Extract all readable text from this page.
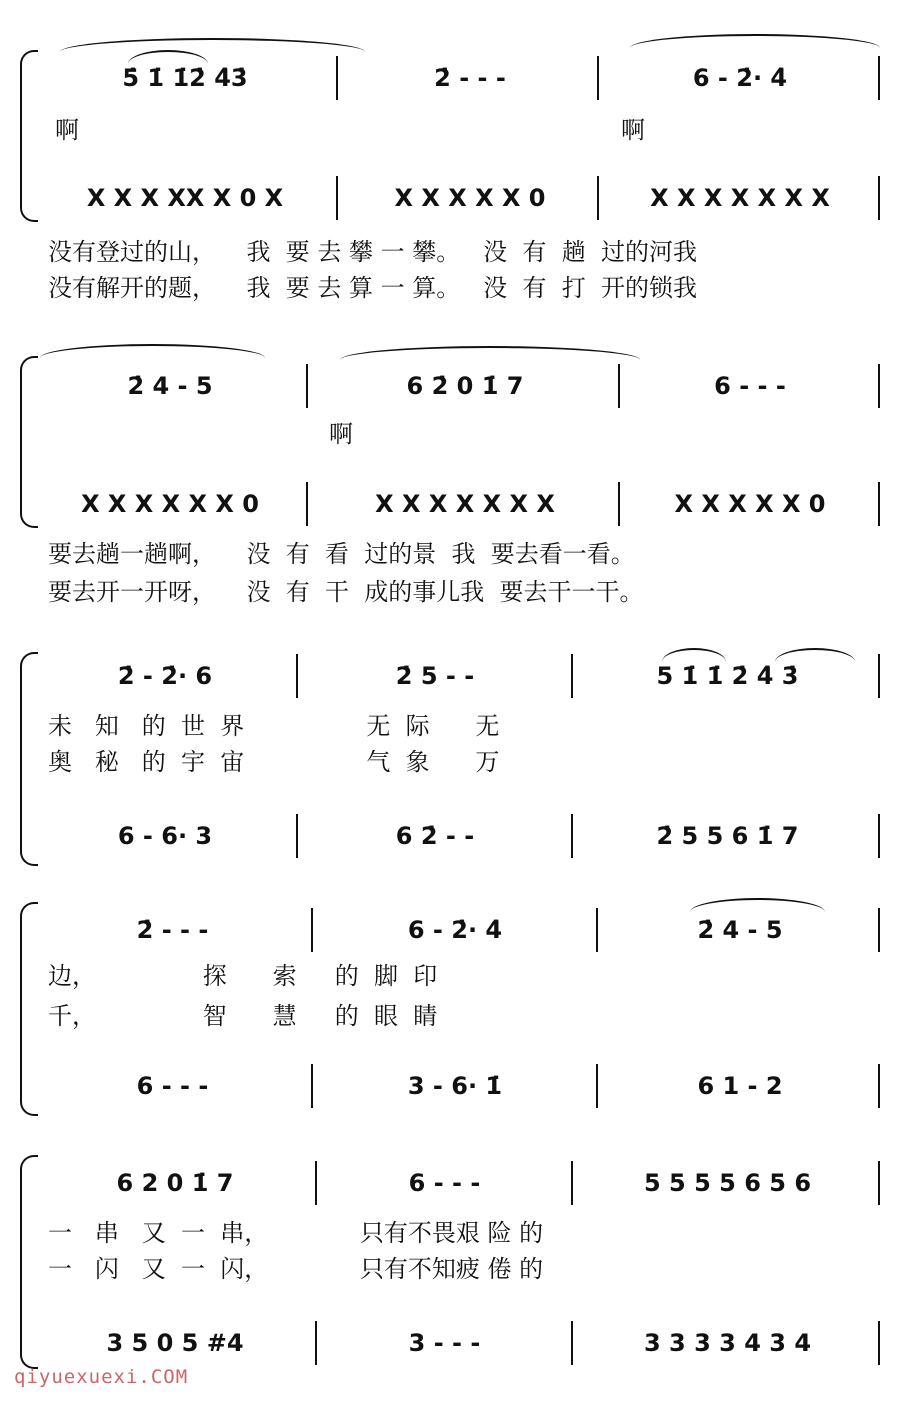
5̇ 1̇ 1̇2̇ 4̇3̇	2̇ - - -	6 - 2̇· 4̇
啊	啊
X X X XX X 0 X	X X X X X 0	X X X X X X X
没有登过的山，    我  要 去 攀 一 攀。   没  有  趟  过的河我
没有解开的题，    我  要 去 算 一 算。   没  有  打  开的锁我
2̇ 4 - 5	6 2̇ 0 1̇ 7	6 - - -
啊
X X X X X X 0	X X X X X X X	X X X X X 0
要去趟一趟啊，    没  有  看  过的景  我  要去看一看。
要去开一开呀，    没  有  干  成的事儿我  要去干一干。
2̇ - 2̇· 6	2̇ 5 - -	5 1̇ 1̇ 2̇ 4̇ 3̇
未   知   的  世  界                无  际      无
奥   秘   的  宇  宙                气  象      万
6 - 6· 3	6 2̇ - -	2̇ 5 5 6 1̇ 7
2̇ - - -	6 - 2̇· 4̇	2̇ 4 - 5
边，              探      索     的  脚  印
千，              智      慧     的  眼  睛
6 - - -	3 - 6· 1̇	6 1 - 2
6 2 0 1̇ 7	6 - - -	5 5 5 5 6 5 6
一   串   又  一  串，            只有不畏艰 险 的
一   闪   又  一  闪，            只有不知疲 倦 的
3 5 0 5 #4	3 - - -	3 3 3 3 4 3 4
qiyuexuexi.COM
